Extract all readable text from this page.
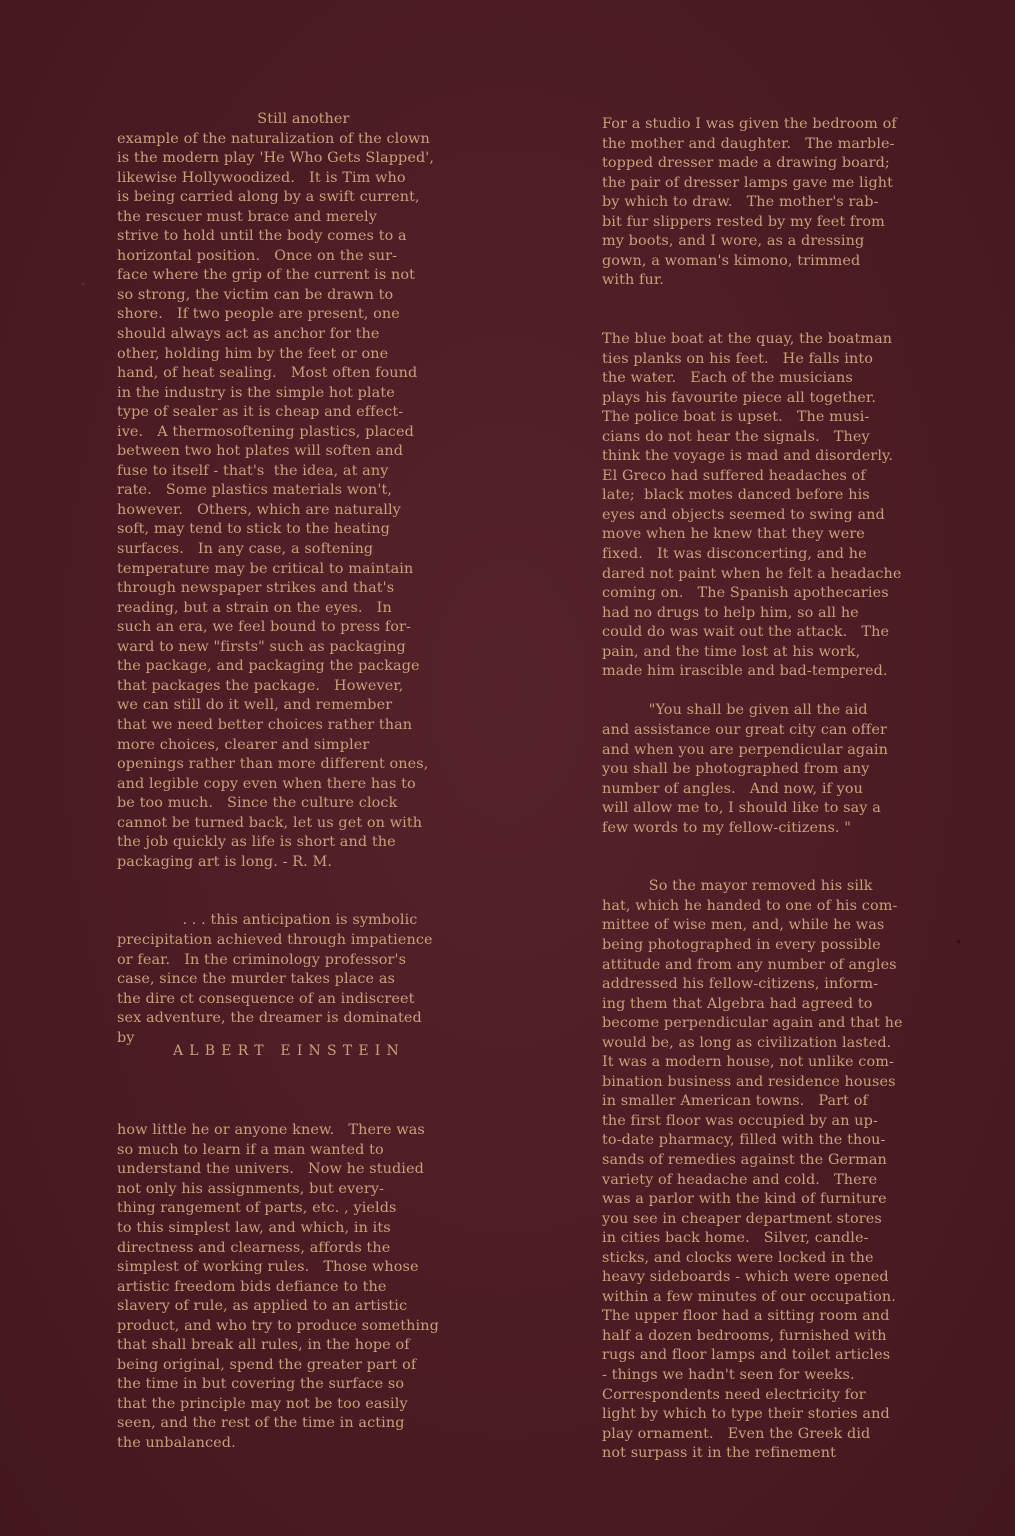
Still another
example of the naturalization of the clown
is the modern play 'He Who Gets Slapped',
likewise Hollywoodized.   It is Tim who
is being carried along by a swift current,
the rescuer must brace and merely
strive to hold until the body comes to a
horizontal position.   Once on the sur-
face where the grip of the current is not
so strong, the victim can be drawn to
shore.   If two people are present, one
should always act as anchor for the
other, holding him by the feet or one
hand, of heat sealing.   Most often found
in the industry is the simple hot plate
type of sealer as it is cheap and effect-
ive.   A thermosoftening plastics, placed
between two hot plates will soften and
fuse to itself - that's  the idea, at any
rate.   Some plastics materials won't,
however.   Others, which are naturally
soft, may tend to stick to the heating
surfaces.   In any case, a softening
temperature may be critical to maintain
through newspaper strikes and that's
reading, but a strain on the eyes.   In
such an era, we feel bound to press for-
ward to new "firsts" such as packaging
the package, and packaging the package
that packages the package.   However,
we can still do it well, and remember
that we need better choices rather than
more choices, clearer and simpler
openings rather than more different ones,
and legible copy even when there has to
be too much.   Since the culture clock
cannot be turned back, let us get on with
the job quickly as life is short and the
packaging art is long. - R. M.
. . . this anticipation is symbolic
precipitation achieved through impatience
or fear.   In the criminology professor's
case, since the murder takes place as
the dire ct consequence of an indiscreet
sex adventure, the dreamer is dominated
by
how little he or anyone knew.   There was
so much to learn if a man wanted to
understand the univers.   Now he studied
not only his assignments, but every-
thing rangement of parts, etc. , yields
to this simplest law, and which, in its
directness and clearness, affords the
simplest of working rules.   Those whose
artistic freedom bids defiance to the
slavery of rule, as applied to an artistic
product, and who try to produce something
that shall break all rules, in the hope of
being original, spend the greater part of
the time in but covering the surface so
that the principle may not be too easily
seen, and the rest of the time in acting
the unbalanced.
ALBERT EINSTEIN
For a studio I was given the bedroom of
the mother and daughter.   The marble-
topped dresser made a drawing board;
the pair of dresser lamps gave me light
by which to draw.   The mother's rab-
bit fur slippers rested by my feet from
my boots, and I wore, as a dressing
gown, a woman's kimono, trimmed
with fur.
The blue boat at the quay, the boatman
ties planks on his feet.   He falls into
the water.   Each of the musicians
plays his favourite piece all together.
The police boat is upset.   The musi-
cians do not hear the signals.   They
think the voyage is mad and disorderly.
El Greco had suffered headaches of
late;  black motes danced before his
eyes and objects seemed to swing and
move when he knew that they were
fixed.   It was disconcerting, and he
dared not paint when he felt a headache
coming on.   The Spanish apothecaries
had no drugs to help him, so all he
could do was wait out the attack.   The
pain, and the time lost at his work,
made him irascible and bad-tempered.
"You shall be given all the aid
and assistance our great city can offer
and when you are perpendicular again
you shall be photographed from any
number of angles.   And now, if you
will allow me to, I should like to say a
few words to my fellow-citizens. "
So the mayor removed his silk
hat, which he handed to one of his com-
mittee of wise men, and, while he was
being photographed in every possible
attitude and from any number of angles
addressed his fellow-citizens, inform-
ing them that Algebra had agreed to
become perpendicular again and that he
would be, as long as civilization lasted.
It was a modern house, not unlike com-
bination business and residence houses
in smaller American towns.   Part of
the first floor was occupied by an up-
to-date pharmacy, filled with the thou-
sands of remedies against the German
variety of headache and cold.   There
was a parlor with the kind of furniture
you see in cheaper department stores
in cities back home.   Silver, candle-
sticks, and clocks were locked in the
heavy sideboards - which were opened
within a few minutes of our occupation.
The upper floor had a sitting room and
half a dozen bedrooms, furnished with
rugs and floor lamps and toilet articles
- things we hadn't seen for weeks.
Correspondents need electricity for
light by which to type their stories and
play ornament.   Even the Greek did
not surpass it in the refinement
